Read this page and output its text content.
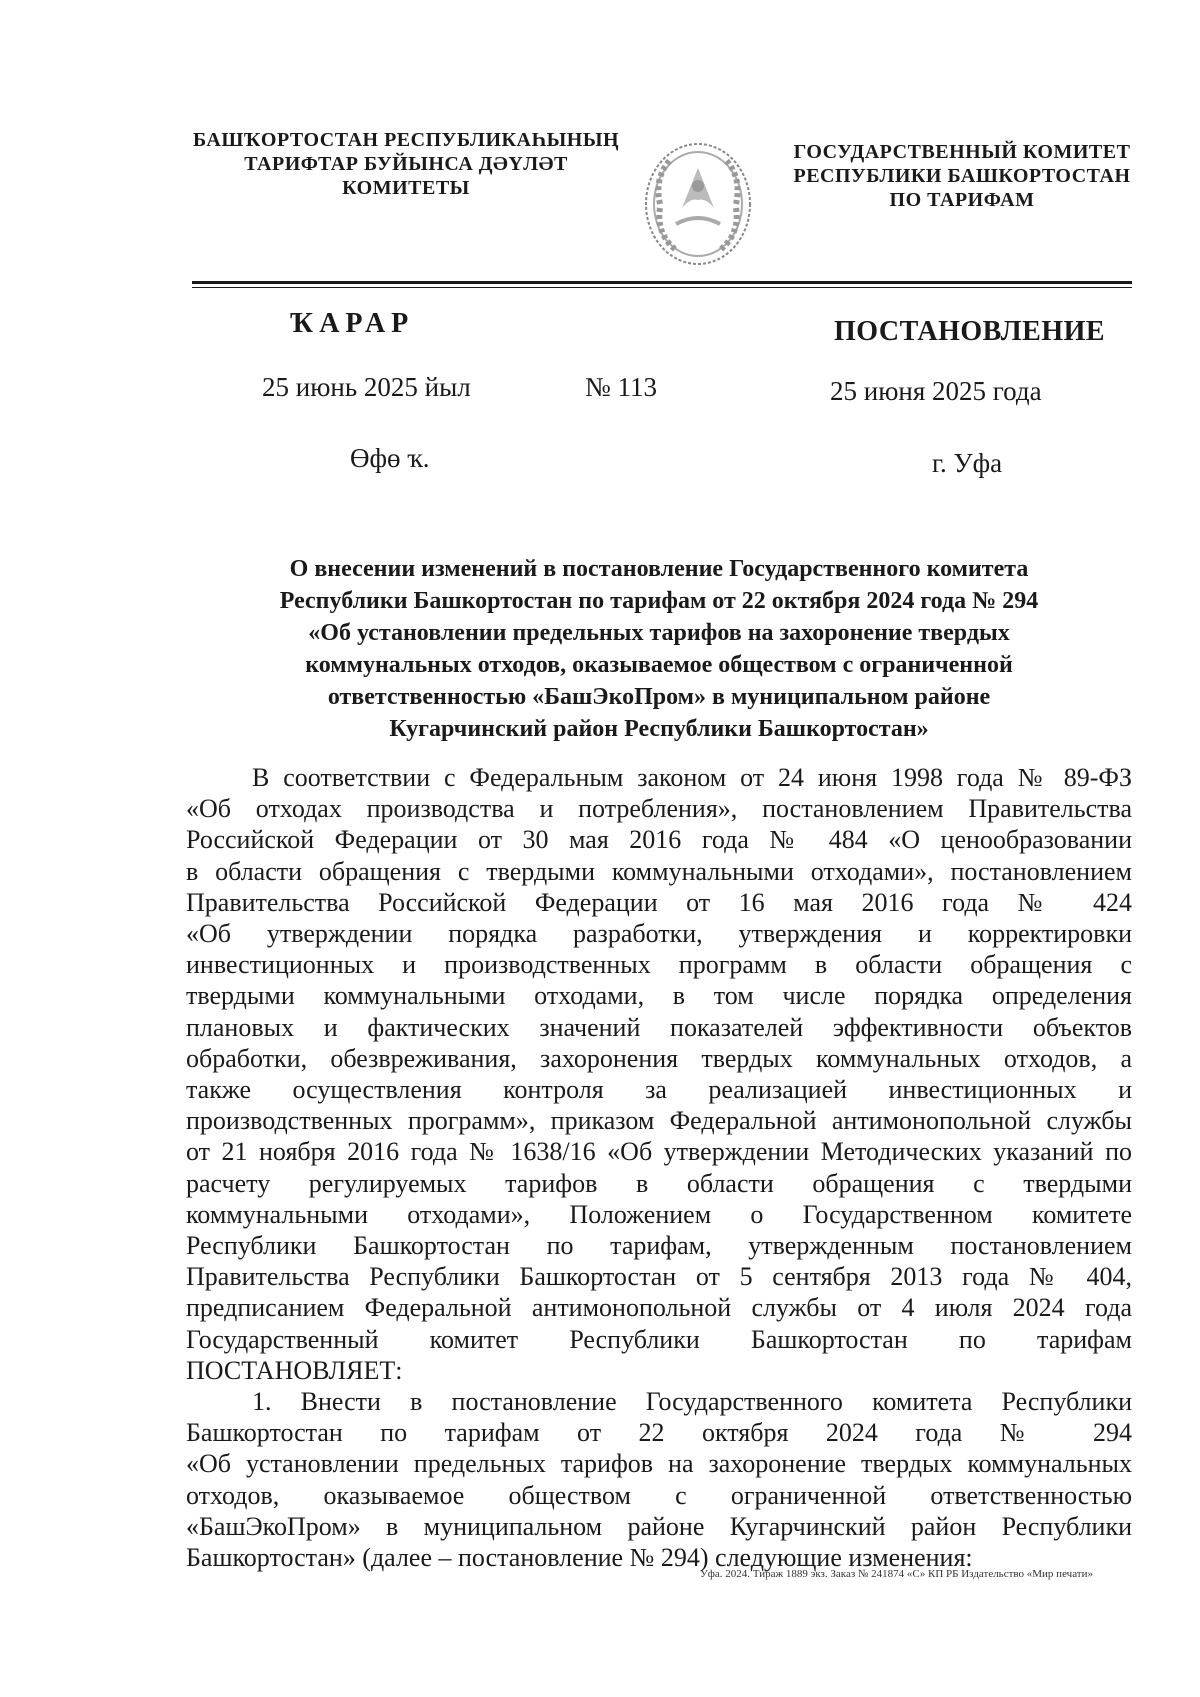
БАШҠОРТОСТАН РЕСПУБЛИКАҺЫНЫҢ
ТАРИФТАР БУЙЫНСА ДӘҮЛӘТ
КОМИТЕТЫ
ГОСУДАРСТВЕННЫЙ КОМИТЕТ
РЕСПУБЛИКИ БАШКОРТОСТАН
ПО ТАРИФАМ
ҠАРАР	ПОСТАНОВЛЕНИЕ
25 июнь 2025 йыл	№ 113	25 июня 2025 года
Өфө ҡ.	г. Уфа
О внесении изменений в постановление Государственного комитета
Республики Башкортостан по тарифам от 22 октября 2024 года № 294
«Об установлении предельных тарифов на захоронение твердых
коммунальных отходов, оказываемое обществом с ограниченной
ответственностью «БашЭкоПром» в муниципальном районе
Кугарчинский район Республики Башкортостан»
В соответствии с Федеральным законом от 24 июня 1998 года № 89-ФЗ
«Об отходах производства и потребления», постановлением Правительства
Российской Федерации от 30 мая 2016 года № 484 «О ценообразовании
в области обращения с твердыми коммунальными отходами», постановлением
Правительства Российской Федерации от 16 мая 2016 года № 424
«Об утверждении порядка разработки, утверждения и корректировки
инвестиционных и производственных программ в области обращения с
твердыми коммунальными отходами, в том числе порядка определения
плановых и фактических значений показателей эффективности объектов
обработки, обезвреживания, захоронения твердых коммунальных отходов, а
также осуществления контроля за реализацией инвестиционных и
производственных программ», приказом Федеральной антимонопольной службы
от 21 ноября 2016 года № 1638/16 «Об утверждении Методических указаний по
расчету регулируемых тарифов в области обращения с твердыми
коммунальными отходами», Положением о Государственном комитете
Республики Башкортостан по тарифам, утвержденным постановлением
Правительства Республики Башкортостан от 5 сентября 2013 года № 404,
предписанием Федеральной антимонопольной службы от 4 июля 2024 года
Государственный комитет Республики Башкортостан по тарифам
ПОСТАНОВЛЯЕТ:
1. Внести в постановление Государственного комитета Республики
Башкортостан по тарифам от 22 октября 2024 года № 294
«Об установлении предельных тарифов на захоронение твердых коммунальных
отходов, оказываемое обществом с ограниченной ответственностью
«БашЭкоПром» в муниципальном районе Кугарчинский район Республики
Башкортостан» (далее – постановление № 294) следующие изменения:
Уфа. 2024. Тираж 1889 экз. Заказ № 241874 «С» КП РБ Издательство «Мир печати»
